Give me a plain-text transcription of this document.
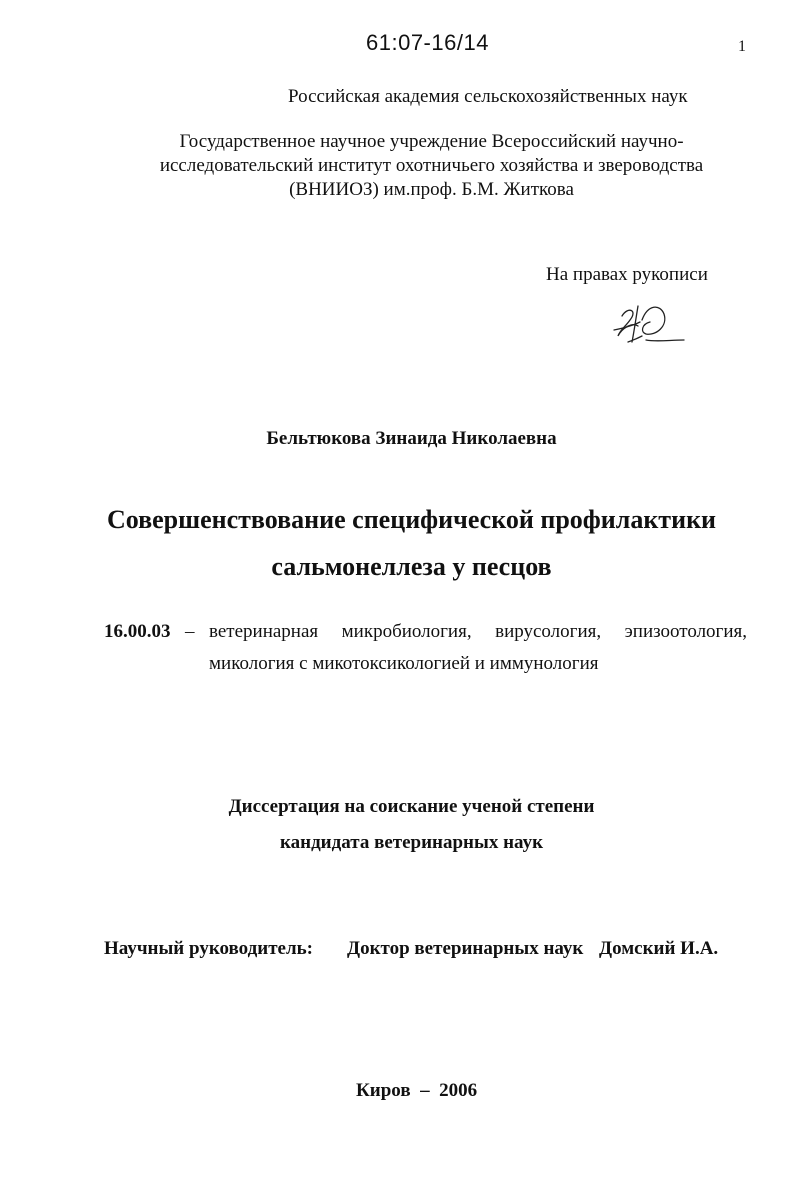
61:07-16/14	1
Российская академия сельскохозяйственных наук
Государственное научное учреждение Всероссийский научно-
исследовательский институт охотничьего хозяйства и звероводства
(ВНИИОЗ) им.проф. Б.М. Житкова
На правах рукописи
Бельтюкова Зинаида Николаевна
Совершенствование специфической профилактики
сальмонеллеза у песцов
16.00.03 – ветеринарная микробиология, вирусология, эпизоотология,
микология с микотоксикологией и иммунология
Диссертация на соискание ученой степени
кандидата ветеринарных наук
Научный руководитель: Доктор ветеринарных наук Домский И.А.
Киров  –  2006
